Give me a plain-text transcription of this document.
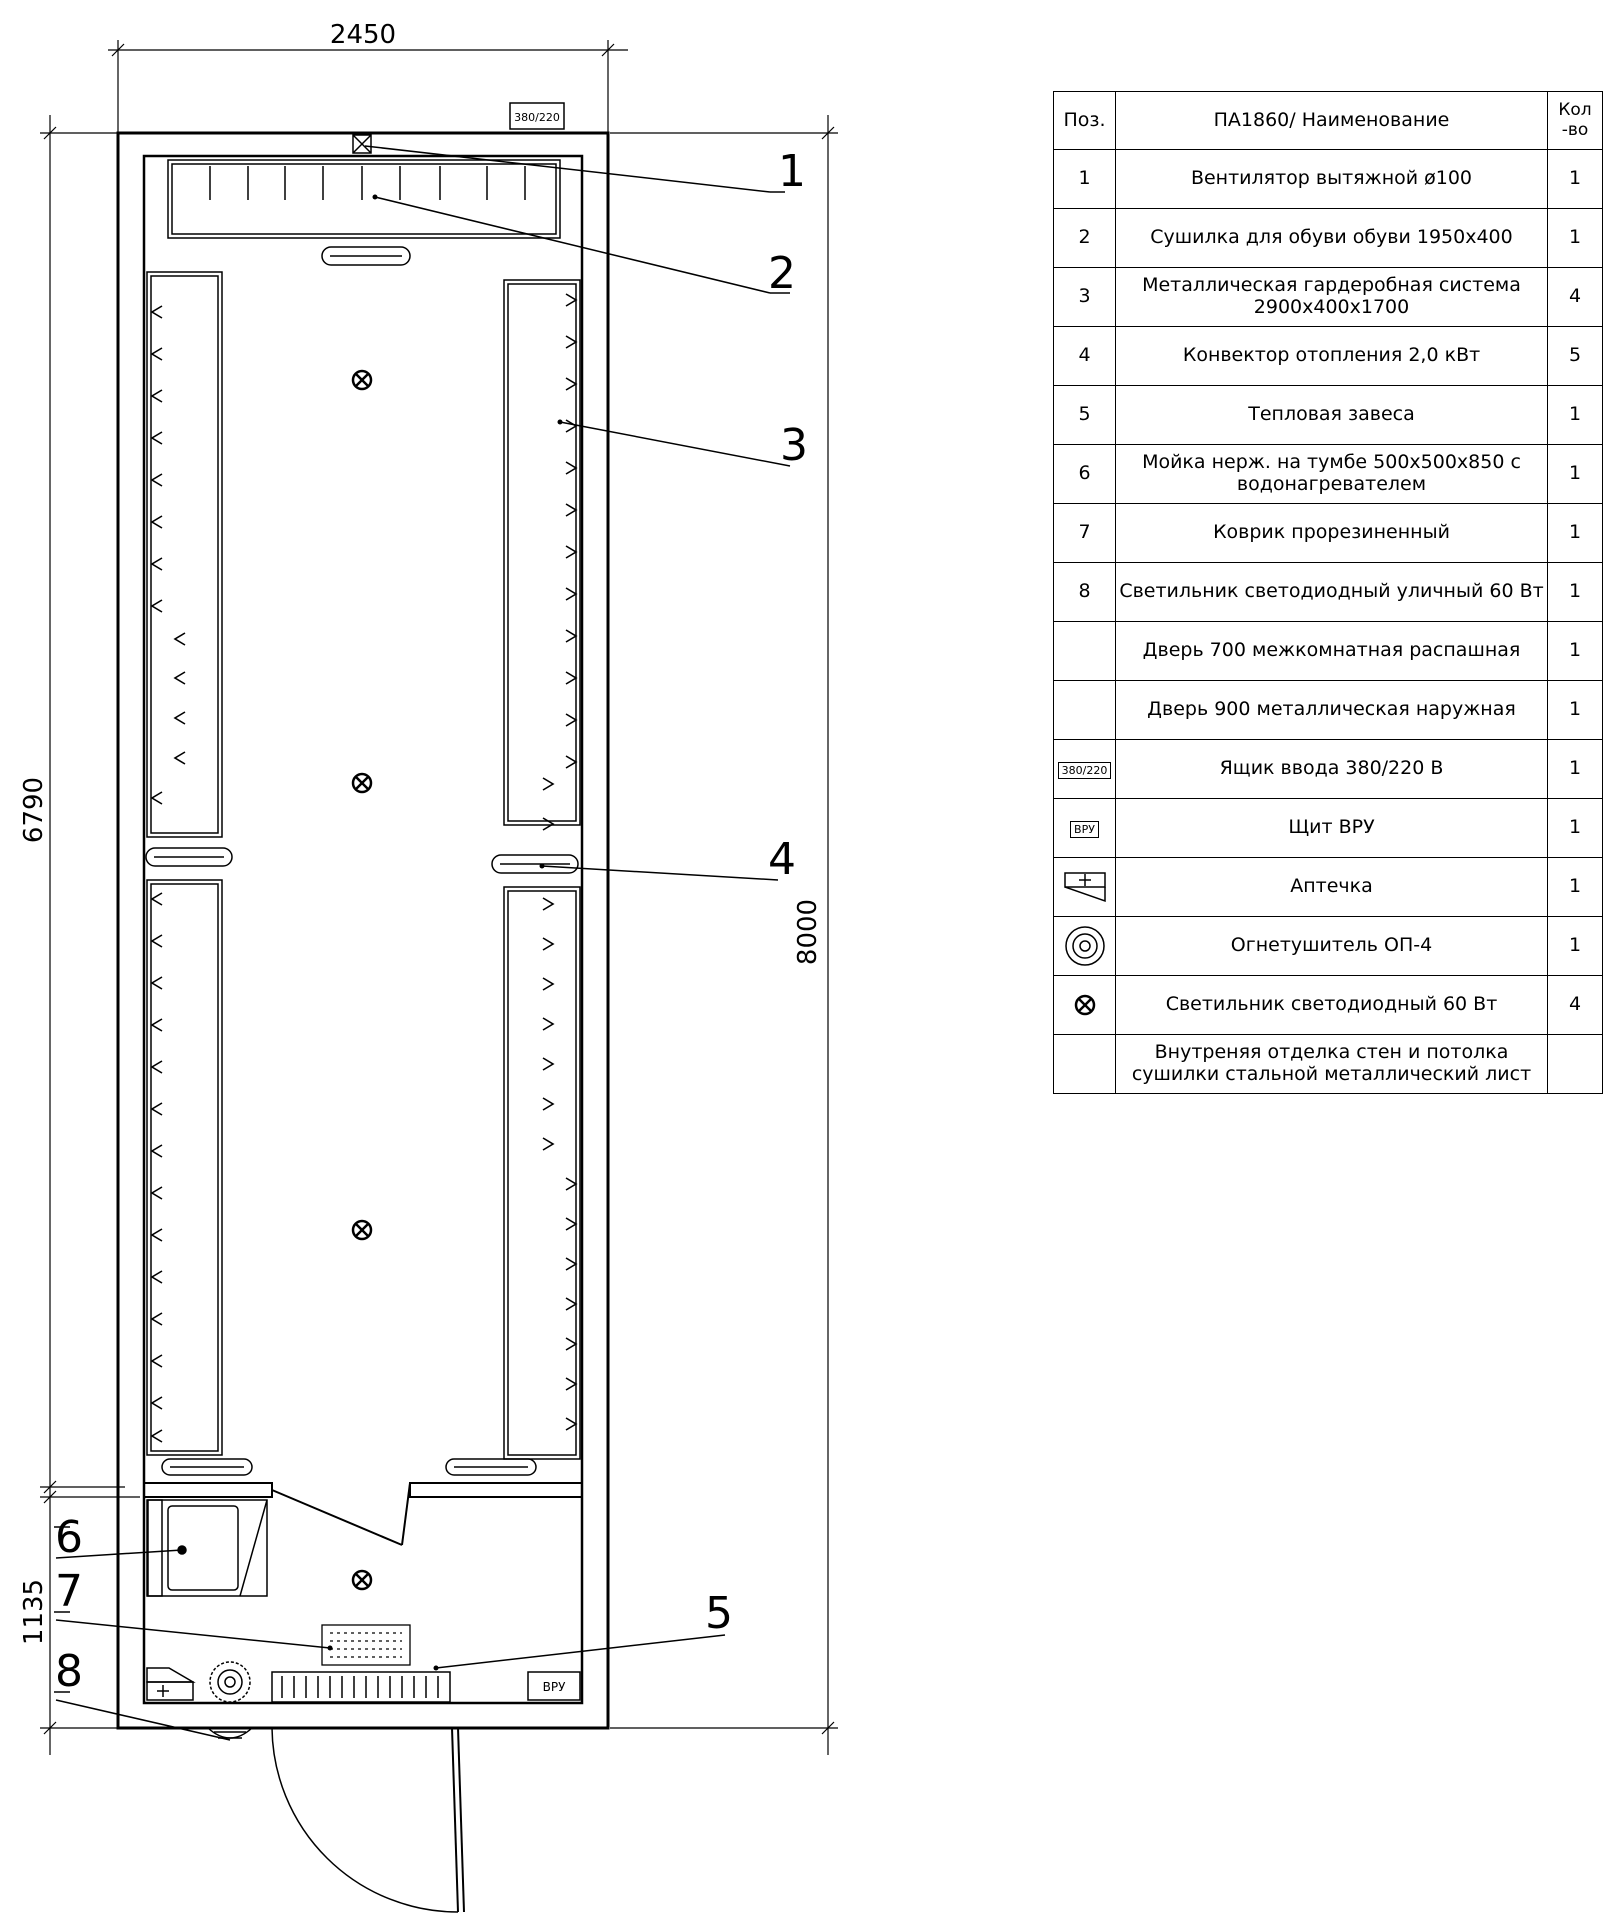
2450
6790
1135
8000
380/220
ВРУ
1
2
3
4
5
6
7
8
Поз.	ПА1860/ Наименование	Кол
-во
1	Вентилятор вытяжной ø100	1
2	Сушилка для обуви обуви 1950х400	1
3	Металлическая гардеробная система 2900х400х1700	4
4	Конвектор отопления 2,0 кВт	5
5	Тепловая завеса	1
6	Мойка нерж. на тумбе 500х500х850 с водонагревателем	1
7	Коврик прорезиненный	1
8	Светильник светодиодный уличный 60 Вт	1
	Дверь 700 межкомнатная распашная	1
	Дверь 900 металлическая наружная	1
380/220	Ящик ввода 380/220 В	1
ВРУ	Щит ВРУ	1
	Аптечка	1
	Огнетушитель ОП-4	1
	Светильник светодиодный 60 Вт	4
	Внутреняя отделка стен и потолка сушилки стальной металлический лист	
